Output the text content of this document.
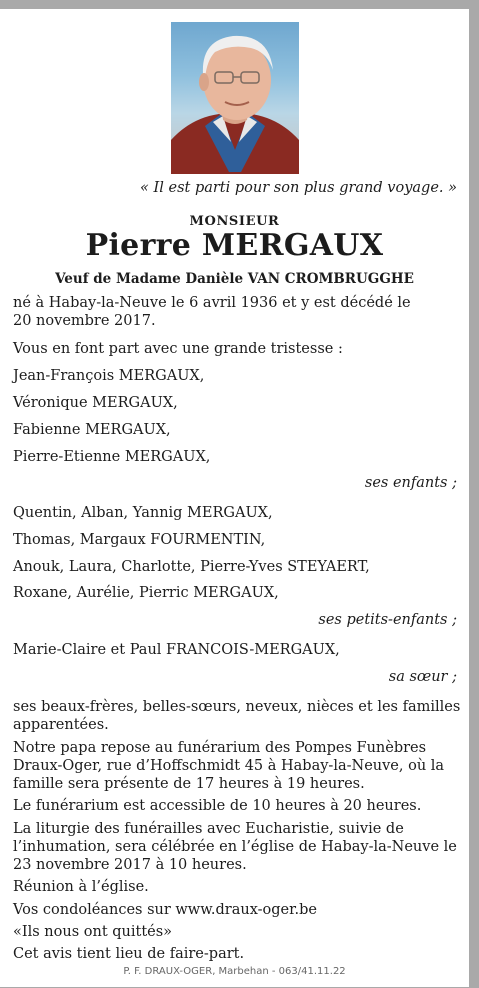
« Il est parti pour son plus grand voyage. »
MONSIEUR
Pierre MERGAUX
Veuf de Madame Danièle VAN CROMBRUGGHE
né à Habay-la-Neuve le 6 avril 1936 et y est décédé le
20 novembre 2017.
Vous en font part avec une grande tristesse :
Jean-François MERGAUX,
Véronique MERGAUX,
Fabienne MERGAUX,
Pierre-Etienne MERGAUX,
ses enfants ;
Quentin, Alban, Yannig MERGAUX,
Thomas, Margaux FOURMENTIN,
Anouk, Laura, Charlotte, Pierre-Yves STEYAERT,
Roxane, Aurélie, Pierric MERGAUX,
ses petits-enfants ;
Marie-Claire et Paul FRANCOIS-MERGAUX,
sa sœur ;
ses beaux-frères, belles-sœurs, neveux, nièces et les familles
apparentées.
Notre papa repose au funérarium des Pompes Funèbres
Draux-Oger, rue d’Hoffschmidt 45 à Habay-la-Neuve, où la
famille sera présente de 17 heures à 19 heures.
Le funérarium est accessible de 10 heures à 20 heures.
La liturgie des funérailles avec Eucharistie, suivie de
l’inhumation, sera célébrée en l’église de Habay-la-Neuve le
23 novembre 2017 à 10 heures.
Réunion à l’église.
Vos condoléances sur www.draux-oger.be
«Ils nous ont quittés»
Cet avis tient lieu de faire-part.
P. F. DRAUX-OGER, Marbehan - 063/41.11.22
